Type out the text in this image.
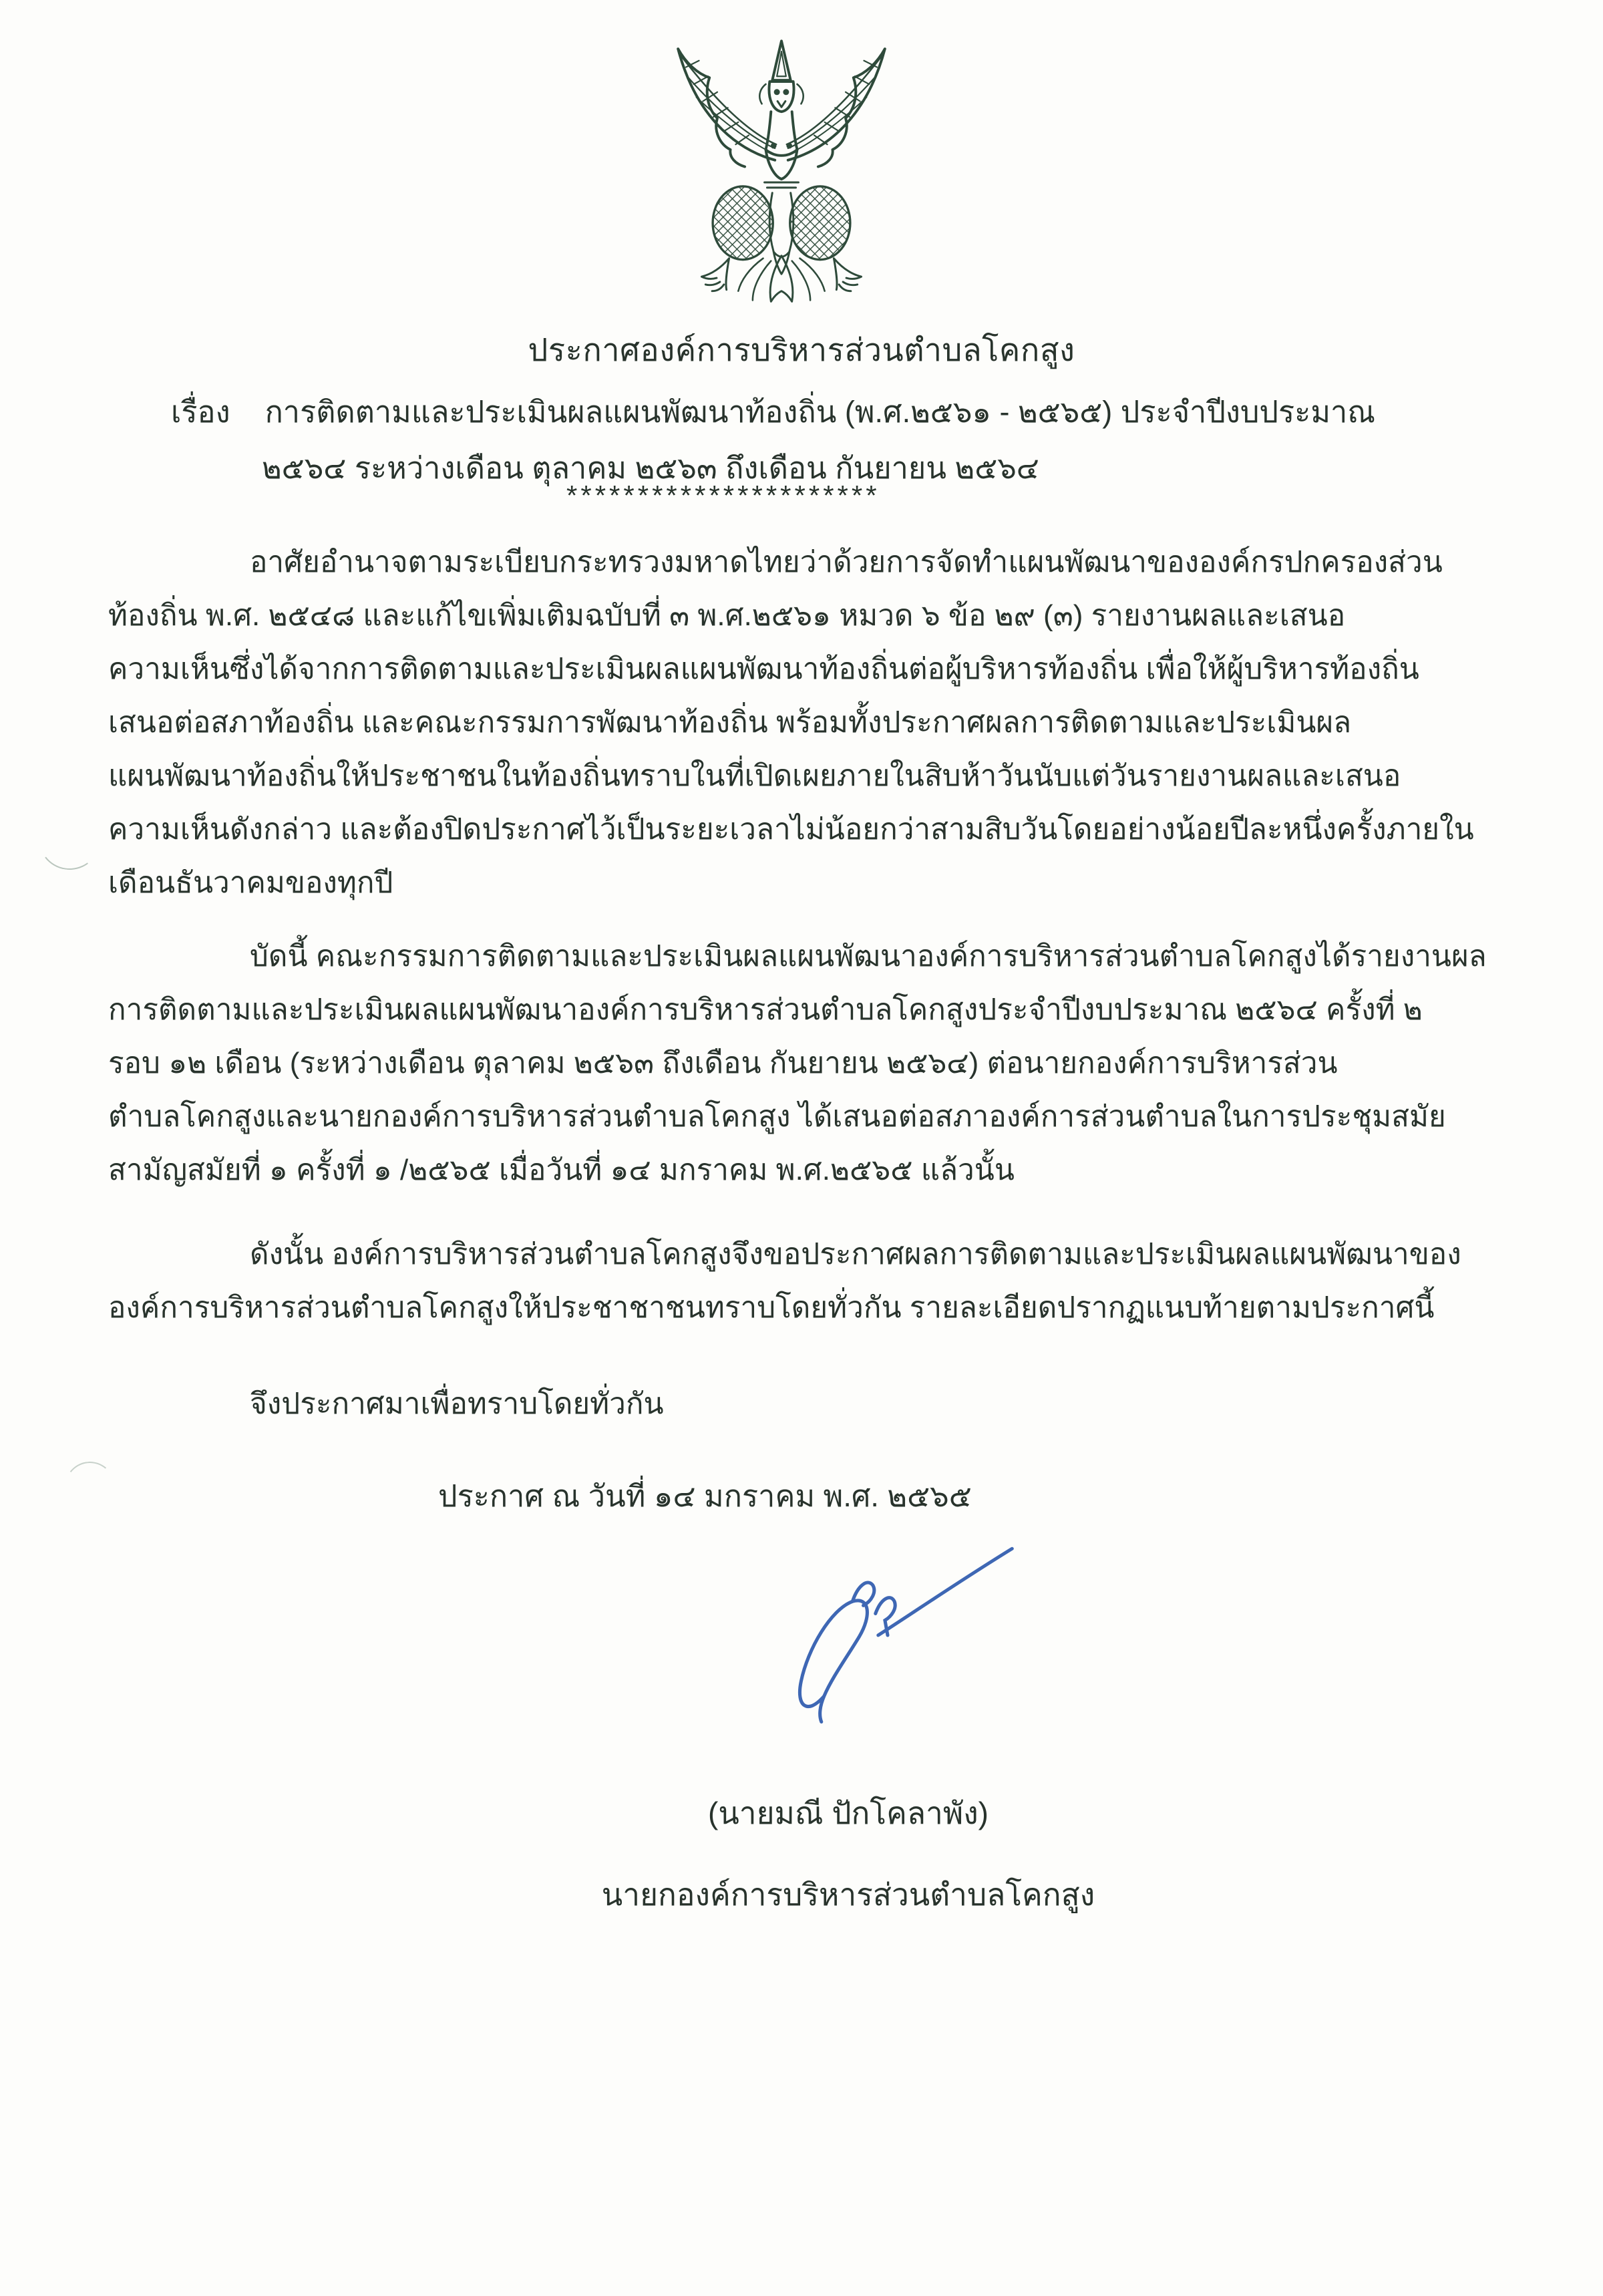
ประกาศองค์การบริหารส่วนตำบลโคกสูง
เรื่อง การติดตามและประเมินผลแผนพัฒนาท้องถิ่น (พ.ศ.๒๕๖๑ - ๒๕๖๕) ประจำปีงบประมาณ
๒๕๖๔ ระหว่างเดือน ตุลาคม ๒๕๖๓ ถึงเดือน กันยายน ๒๕๖๔
**********************
อาศัยอำนาจตามระเบียบกระทรวงมหาดไทยว่าด้วยการจัดทำแผนพัฒนาขององค์กรปกครองส่วน
ท้องถิ่น พ.ศ. ๒๕๔๘ และแก้ไขเพิ่มเติมฉบับที่ ๓ พ.ศ.๒๕๖๑ หมวด ๖ ข้อ ๒๙ (๓) รายงานผลและเสนอ
ความเห็นซึ่งได้จากการติดตามและประเมินผลแผนพัฒนาท้องถิ่นต่อผู้บริหารท้องถิ่น เพื่อให้ผู้บริหารท้องถิ่น
เสนอต่อสภาท้องถิ่น และคณะกรรมการพัฒนาท้องถิ่น พร้อมทั้งประกาศผลการติดตามและประเมินผล
แผนพัฒนาท้องถิ่นให้ประชาชนในท้องถิ่นทราบในที่เปิดเผยภายในสิบห้าวันนับแต่วันรายงานผลและเสนอ
ความเห็นดังกล่าว และต้องปิดประกาศไว้เป็นระยะเวลาไม่น้อยกว่าสามสิบวันโดยอย่างน้อยปีละหนึ่งครั้งภายใน
เดือนธันวาคมของทุกปี
บัดนี้ คณะกรรมการติดตามและประเมินผลแผนพัฒนาองค์การบริหารส่วนตำบลโคกสูงได้รายงานผล
การติดตามและประเมินผลแผนพัฒนาองค์การบริหารส่วนตำบลโคกสูงประจำปีงบประมาณ ๒๕๖๔ ครั้งที่ ๒
รอบ ๑๒ เดือน (ระหว่างเดือน ตุลาคม ๒๕๖๓ ถึงเดือน กันยายน ๒๕๖๔) ต่อนายกองค์การบริหารส่วน
ตำบลโคกสูงและนายกองค์การบริหารส่วนตำบลโคกสูง ได้เสนอต่อสภาองค์การส่วนตำบลในการประชุมสมัย
สามัญสมัยที่ ๑ ครั้งที่ ๑ /๒๕๖๕ เมื่อวันที่ ๑๔ มกราคม พ.ศ.๒๕๖๕ แล้วนั้น
ดังนั้น องค์การบริหารส่วนตำบลโคกสูงจึงขอประกาศผลการติดตามและประเมินผลแผนพัฒนาของ
องค์การบริหารส่วนตำบลโคกสูงให้ประชาชาชนทราบโดยทั่วกัน รายละเอียดปรากฏแนบท้ายตามประกาศนี้
จึงประกาศมาเพื่อทราบโดยทั่วกัน
ประกาศ ณ วันที่ ๑๔ มกราคม พ.ศ. ๒๕๖๕
(นายมณี ปักโคลาพัง)
นายกองค์การบริหารส่วนตำบลโคกสูง
